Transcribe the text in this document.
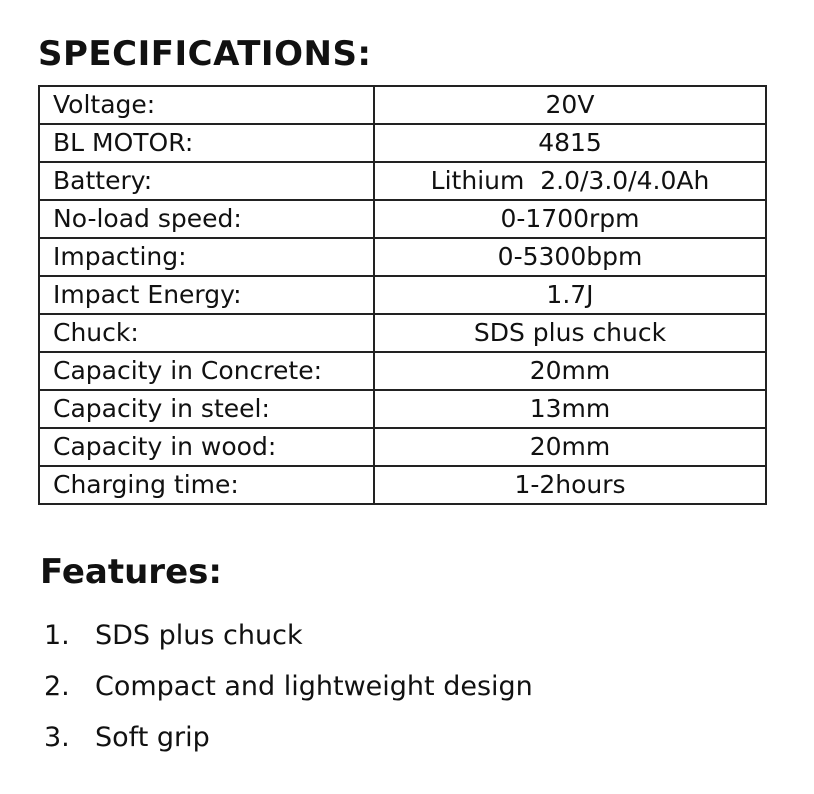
SPECIFICATIONS:
Voltage:	20V
BL MOTOR:	4815
Battery:	Lithium  2.0/3.0/4.0Ah
No-load speed:	0-1700rpm
Impacting:	0-5300bpm
Impact Energy:	1.7J
Chuck:	SDS plus chuck
Capacity in Concrete:	20mm
Capacity in steel:	13mm
Capacity in wood:	20mm
Charging time:	1-2hours
Features:
1. SDS plus chuck
2. Compact and lightweight design
3. Soft grip
